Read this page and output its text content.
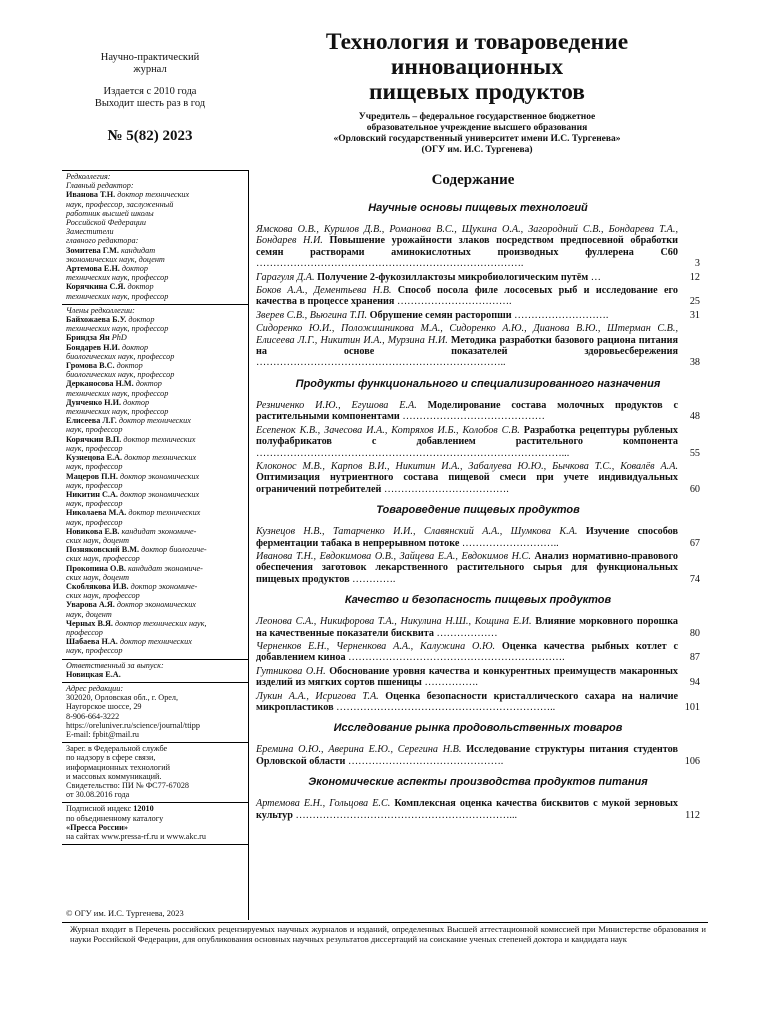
Научно-практический
журнал
Издается с 2010 года
Выходит шесть раз в год
№ 5(82) 2023
Технология и товароведение
инновационных
пищевых продуктов
Учредитель – федеральное государственное бюджетное
образовательное учреждение высшего образования
«Орловский государственный университет имени И.С. Тургенева»
(ОГУ им. И.С. Тургенева)
Редколлегия:
Главный редактор:
Иванова Т.Н. доктор технических
наук, профессор, заслуженный
работник высшей школы
Российской Федерации
Заместители
главного редактора:
Зомитева Г.М. кандидат
экономических наук, доцент
Артемова Е.Н. доктор
технических наук, профессор
Корячкина С.Я. доктор
технических наук, профессор
Члены редколлегии:
Байхожаева Б.У. доктор
технических наук, профессор
Бриндза Ян PhD
Бондарев Н.И. доктор
биологических наук, профессор
Громова В.С. доктор
биологических наук, профессор
Дерканосова Н.М. доктор
технических наук, профессор
Дунченко Н.И. доктор
технических наук, профессор
Елисеева Л.Г. доктор технических
наук, профессор
Корячкин В.П. доктор технических
наук, профессор
Кузнецова Е.А. доктор технических
наук, профессор
Мацеров П.Н. доктор экономических
наук, профессор
Никитин С.А. доктор экономических
наук, профессор
Николаева М.А. доктор технических
наук, профессор
Новикова Е.В. кандидат экономиче-
ских наук, доцент
Позняковский В.М. доктор биологиче-
ских наук, профессор
Прокопина О.В. кандидат экономиче-
ских наук, доцент
Скоблякова И.В. доктор экономиче-
ских наук, профессор
Уварова А.Я. доктор экономических
наук, доцент
Черных В.Я. доктор технических наук,
профессор
Шабаева Н.А. доктор технических
наук, профессор
Ответственный за выпуск:
Новицкая Е.А.
Адрес редакции:
302020, Орловская обл., г. Орел,
Наугорское шоссе, 29
8-906-664-3222
https://oreluniver.ru/science/journal/ttipp
E-mail: fpbit@mail.ru
Зарег. в Федеральной службе
по надзору в сфере связи,
информационных технологий
и массовых коммуникаций.
Свидетельство: ПИ № ФС77-67028
от 30.08.2016 года
Подписной индекс 12010
по объединенному каталогу
«Пресса России»
на сайтах www.pressa-rf.ru и www.akc.ru
© ОГУ им. И.С. Тургенева, 2023
Содержание
Научные основы пищевых технологий
Ямскова О.В., Курилов Д.В., Романова В.С., Щукина О.А., Загородний С.В., Бондарева Т.А., Бондарев Н.И. Повышение урожайности злаков посредством предпосевной обработки семян растворами аминокислотных производных фуллерена С60 …………………………………………………………………….	3
Гарагуля Д.А. Получение 2-фукозиллактозы микробиологическим путём …	12
Боков А.А., Дементьева Н.В. Способ посола филе лососевых рыб и исследование его качества в процессе хранения …………………………….	25
Зверев С.В., Вьюгина Т.П. Обрушение семян расторопши ……………………….	31
Сидоренко Ю.И., Положишникова М.А., Сидоренко А.Ю., Дианова В.Ю., Штерман С.В., Елисеева Л.Г., Никитин И.А., Мурзина Н.И. Методика разработки базового рациона питания на основе показателей здоровьесбережения ………………………………………………………………..	38
Продукты функционального и специализированного назначения
Резниченко И.Ю., Егушова Е.А. Моделирование состава молочных продуктов с растительными компонентами ……………………………………	48
Есепенок К.В., Зачесова И.А., Котряхов И.Б., Колобов С.В. Разработка рецептуры рубленых полуфабрикатов с добавлением растительного компонента ………………………………………………………………………………...	55
Клоконос М.В., Карпов В.И., Никитин И.А., Забалуева Ю.Ю., Бычкова Т.С., Ковалёв А.А. Оптимизация нутриентного состава пищевой смеси при учете индивидуальных ограничений потребителей ……………………………….	60
Товароведение пищевых продуктов
Кузнецов Н.В., Татарченко И.И., Славянский А.А., Шумкова К.А. Изучение способов ферментации табака в непрерывном потоке ………………………..	67
Иванова Т.Н., Евдокимова О.В., Зайцева Е.А., Евдокимов Н.С. Анализ нормативно-правового обеспечения заготовок лекарственного растительного сырья для функциональных пищевых продуктов ………….	74
Качество и безопасность пищевых продуктов
Леонова С.А., Никифорова Т.А., Никулина Н.Ш., Кощина Е.И. Влияние морковного порошка на качественные показатели бисквита ………………	80
Черненков Е.Н., Черненкова А.А., Калужина О.Ю. Оценка качества рыбных котлет с добавлением киноа ……………………………………………………….	87
Гутникова О.Н. Обоснование уровня качества и конкурентных преимуществ макаронных изделий из мягких сортов пшеницы …………….	94
Лукин А.А., Исригова Т.А. Оценка безопасности кристаллического сахара на наличие микропластиков ………………………………………………………..	101
Исследование рынка продовольственных товаров
Еремина О.Ю., Аверина Е.Ю., Серегина Н.В. Исследование структуры питания студентов Орловской области ……………………………………….	106
Экономические аспекты производства продуктов питания
Артемова Е.Н., Гольцова Е.С. Комплексная оценка качества бисквитов с мукой зерновых культур ………………………………………………………...	112
Журнал входит в Перечень российских рецензируемых научных журналов и изданий, определенных Высшей аттестационной комиссией при Министерстве образования и науки Российской Федерации, для опубликования основных научных результатов диссертаций на соискание ученых степеней доктора и кандидата наук
